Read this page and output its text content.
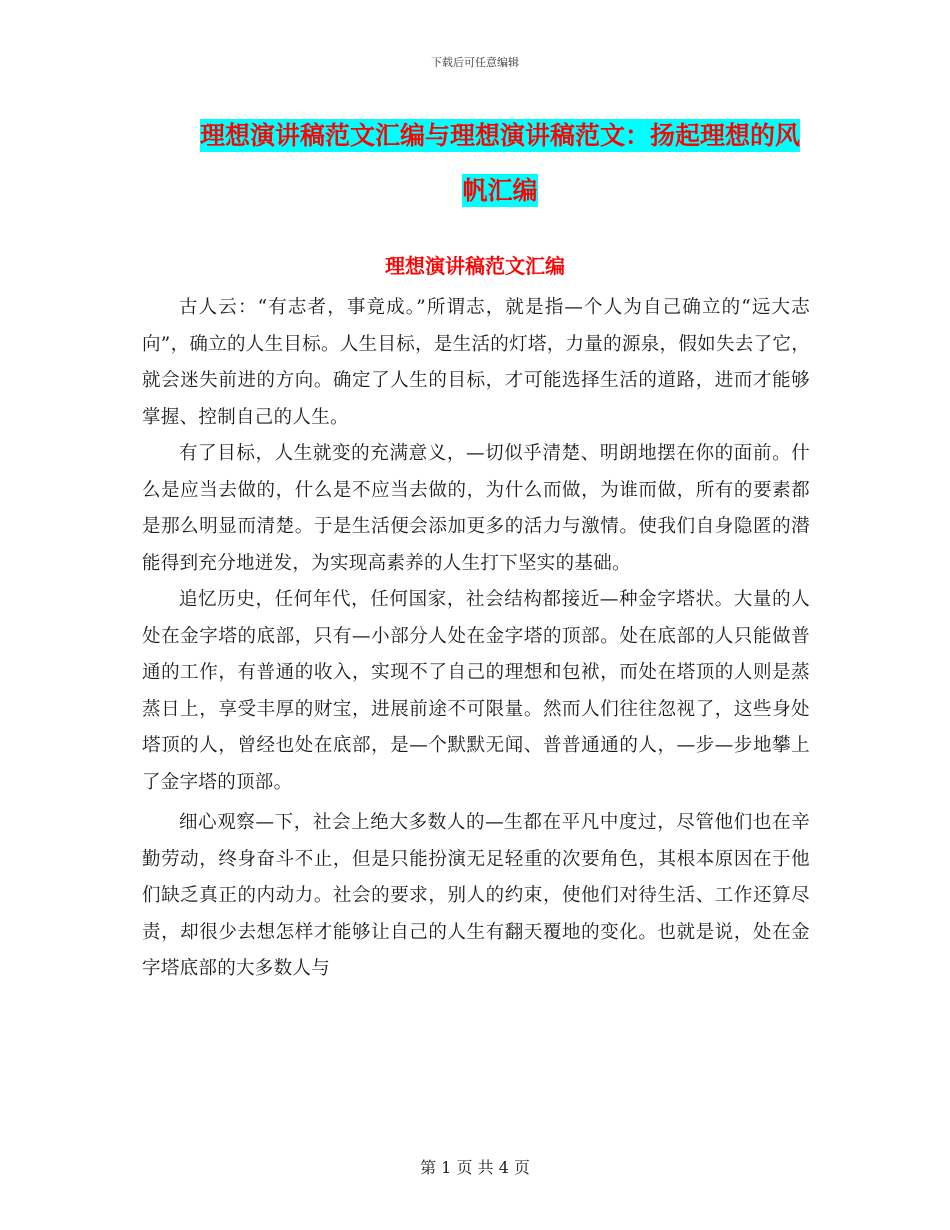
下载后可任意编辑
理想演讲稿范文汇编与理想演讲稿范文：扬起理想的风帆汇编
理想演讲稿范文汇编

古人云：“有志者，事竟成。”所谓志，就是指—个人为自己确立的“远大志向”，确立的人生目标。人生目标，是生活的灯塔，力量的源泉，假如失去了它，就会迷失前进的方向。确定了人生的目标，才可能选择生活的道路，进而才能够掌握、控制自己的人生。

有了目标，人生就变的充满意义，—切似乎清楚、明朗地摆在你的面前。什么是应当去做的，什么是不应当去做的，为什么而做，为谁而做，所有的要素都是那么明显而清楚。于是生活便会添加更多的活力与激情。使我们自身隐匿的潜能得到充分地迸发，为实现高素养的人生打下坚实的基础。

追忆历史，任何年代，任何国家，社会结构都接近—种金字塔状。大量的人处在金字塔的底部，只有—小部分人处在金字塔的顶部。处在底部的人只能做普通的工作，有普通的收入，实现不了自己的理想和包袱，而处在塔顶的人则是蒸蒸日上，享受丰厚的财宝，进展前途不可限量。然而人们往往忽视了，这些身处塔顶的人，曾经也处在底部，是—个默默无闻、普普通通的人，—步—步地攀上了金字塔的顶部。

细心观察—下，社会上绝大多数人的—生都在平凡中度过，尽管他们也在辛勤劳动，终身奋斗不止，但是只能扮演无足轻重的次要角色，其根本原因在于他们缺乏真正的内动力。社会的要求，别人的约束，使他们对待生活、工作还算尽责，却很少去想怎样才能够让自己的人生有翻天覆地的变化。也就是说，处在金字塔底部的大多数人与

第 1 页 共 4 页
